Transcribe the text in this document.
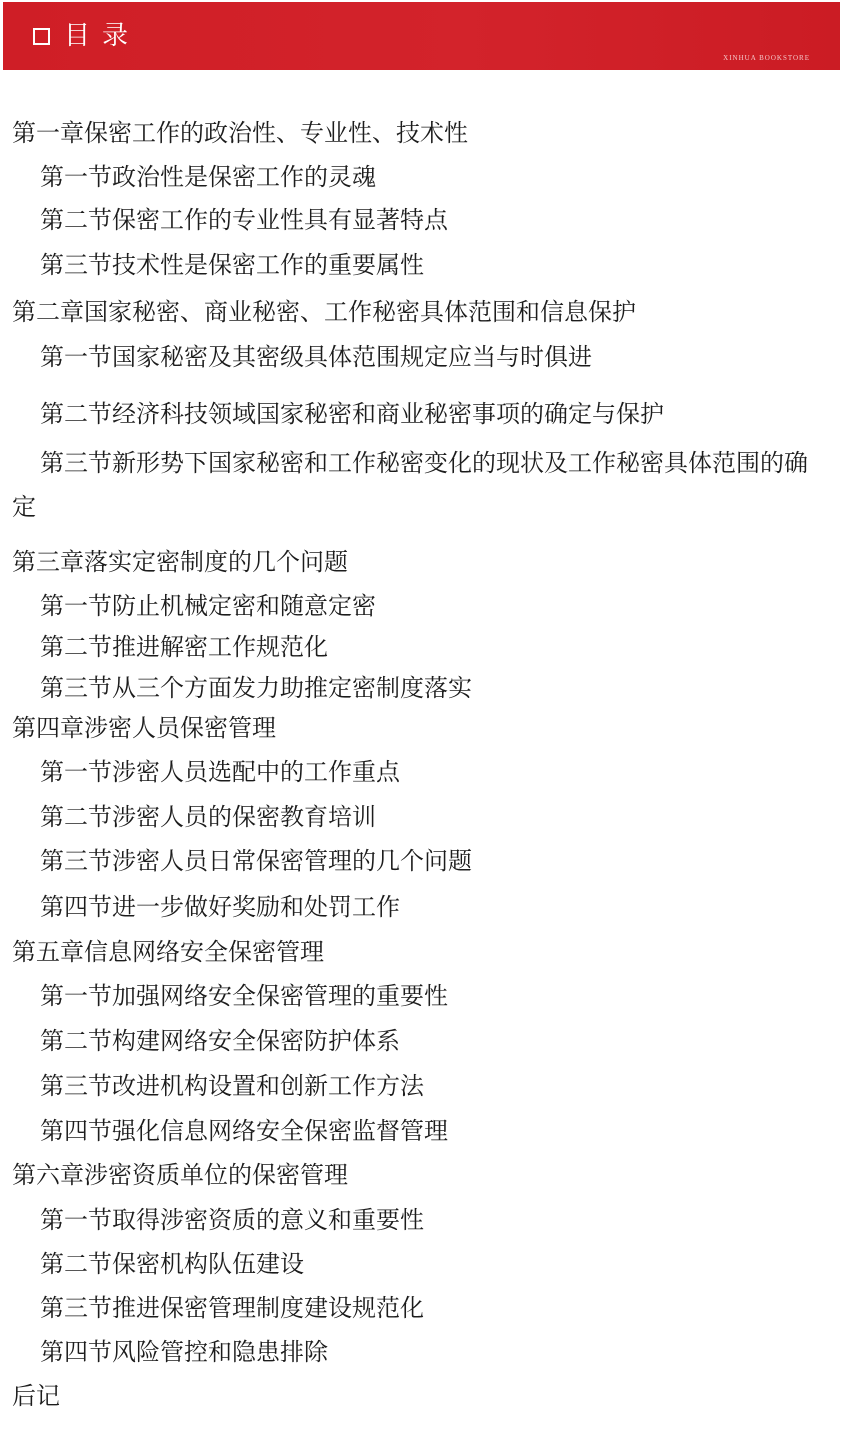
目录
XINHUA BOOKSTORE
第一章保密工作的政治性、专业性、技术性
第一节政治性是保密工作的灵魂
第二节保密工作的专业性具有显著特点
第三节技术性是保密工作的重要属性
第二章国家秘密、商业秘密、工作秘密具体范围和信息保护
第一节国家秘密及其密级具体范围规定应当与时俱进
第二节经济科技领域国家秘密和商业秘密事项的确定与保护
第三节新形势下国家秘密和工作秘密变化的现状及工作秘密具体范围的确定
第三章落实定密制度的几个问题
第一节防止机械定密和随意定密
第二节推进解密工作规范化
第三节从三个方面发力助推定密制度落实
第四章涉密人员保密管理
第一节涉密人员选配中的工作重点
第二节涉密人员的保密教育培训
第三节涉密人员日常保密管理的几个问题
第四节进一步做好奖励和处罚工作
第五章信息网络安全保密管理
第一节加强网络安全保密管理的重要性
第二节构建网络安全保密防护体系
第三节改进机构设置和创新工作方法
第四节强化信息网络安全保密监督管理
第六章涉密资质单位的保密管理
第一节取得涉密资质的意义和重要性
第二节保密机构队伍建设
第三节推进保密管理制度建设规范化
第四节风险管控和隐患排除
后记
